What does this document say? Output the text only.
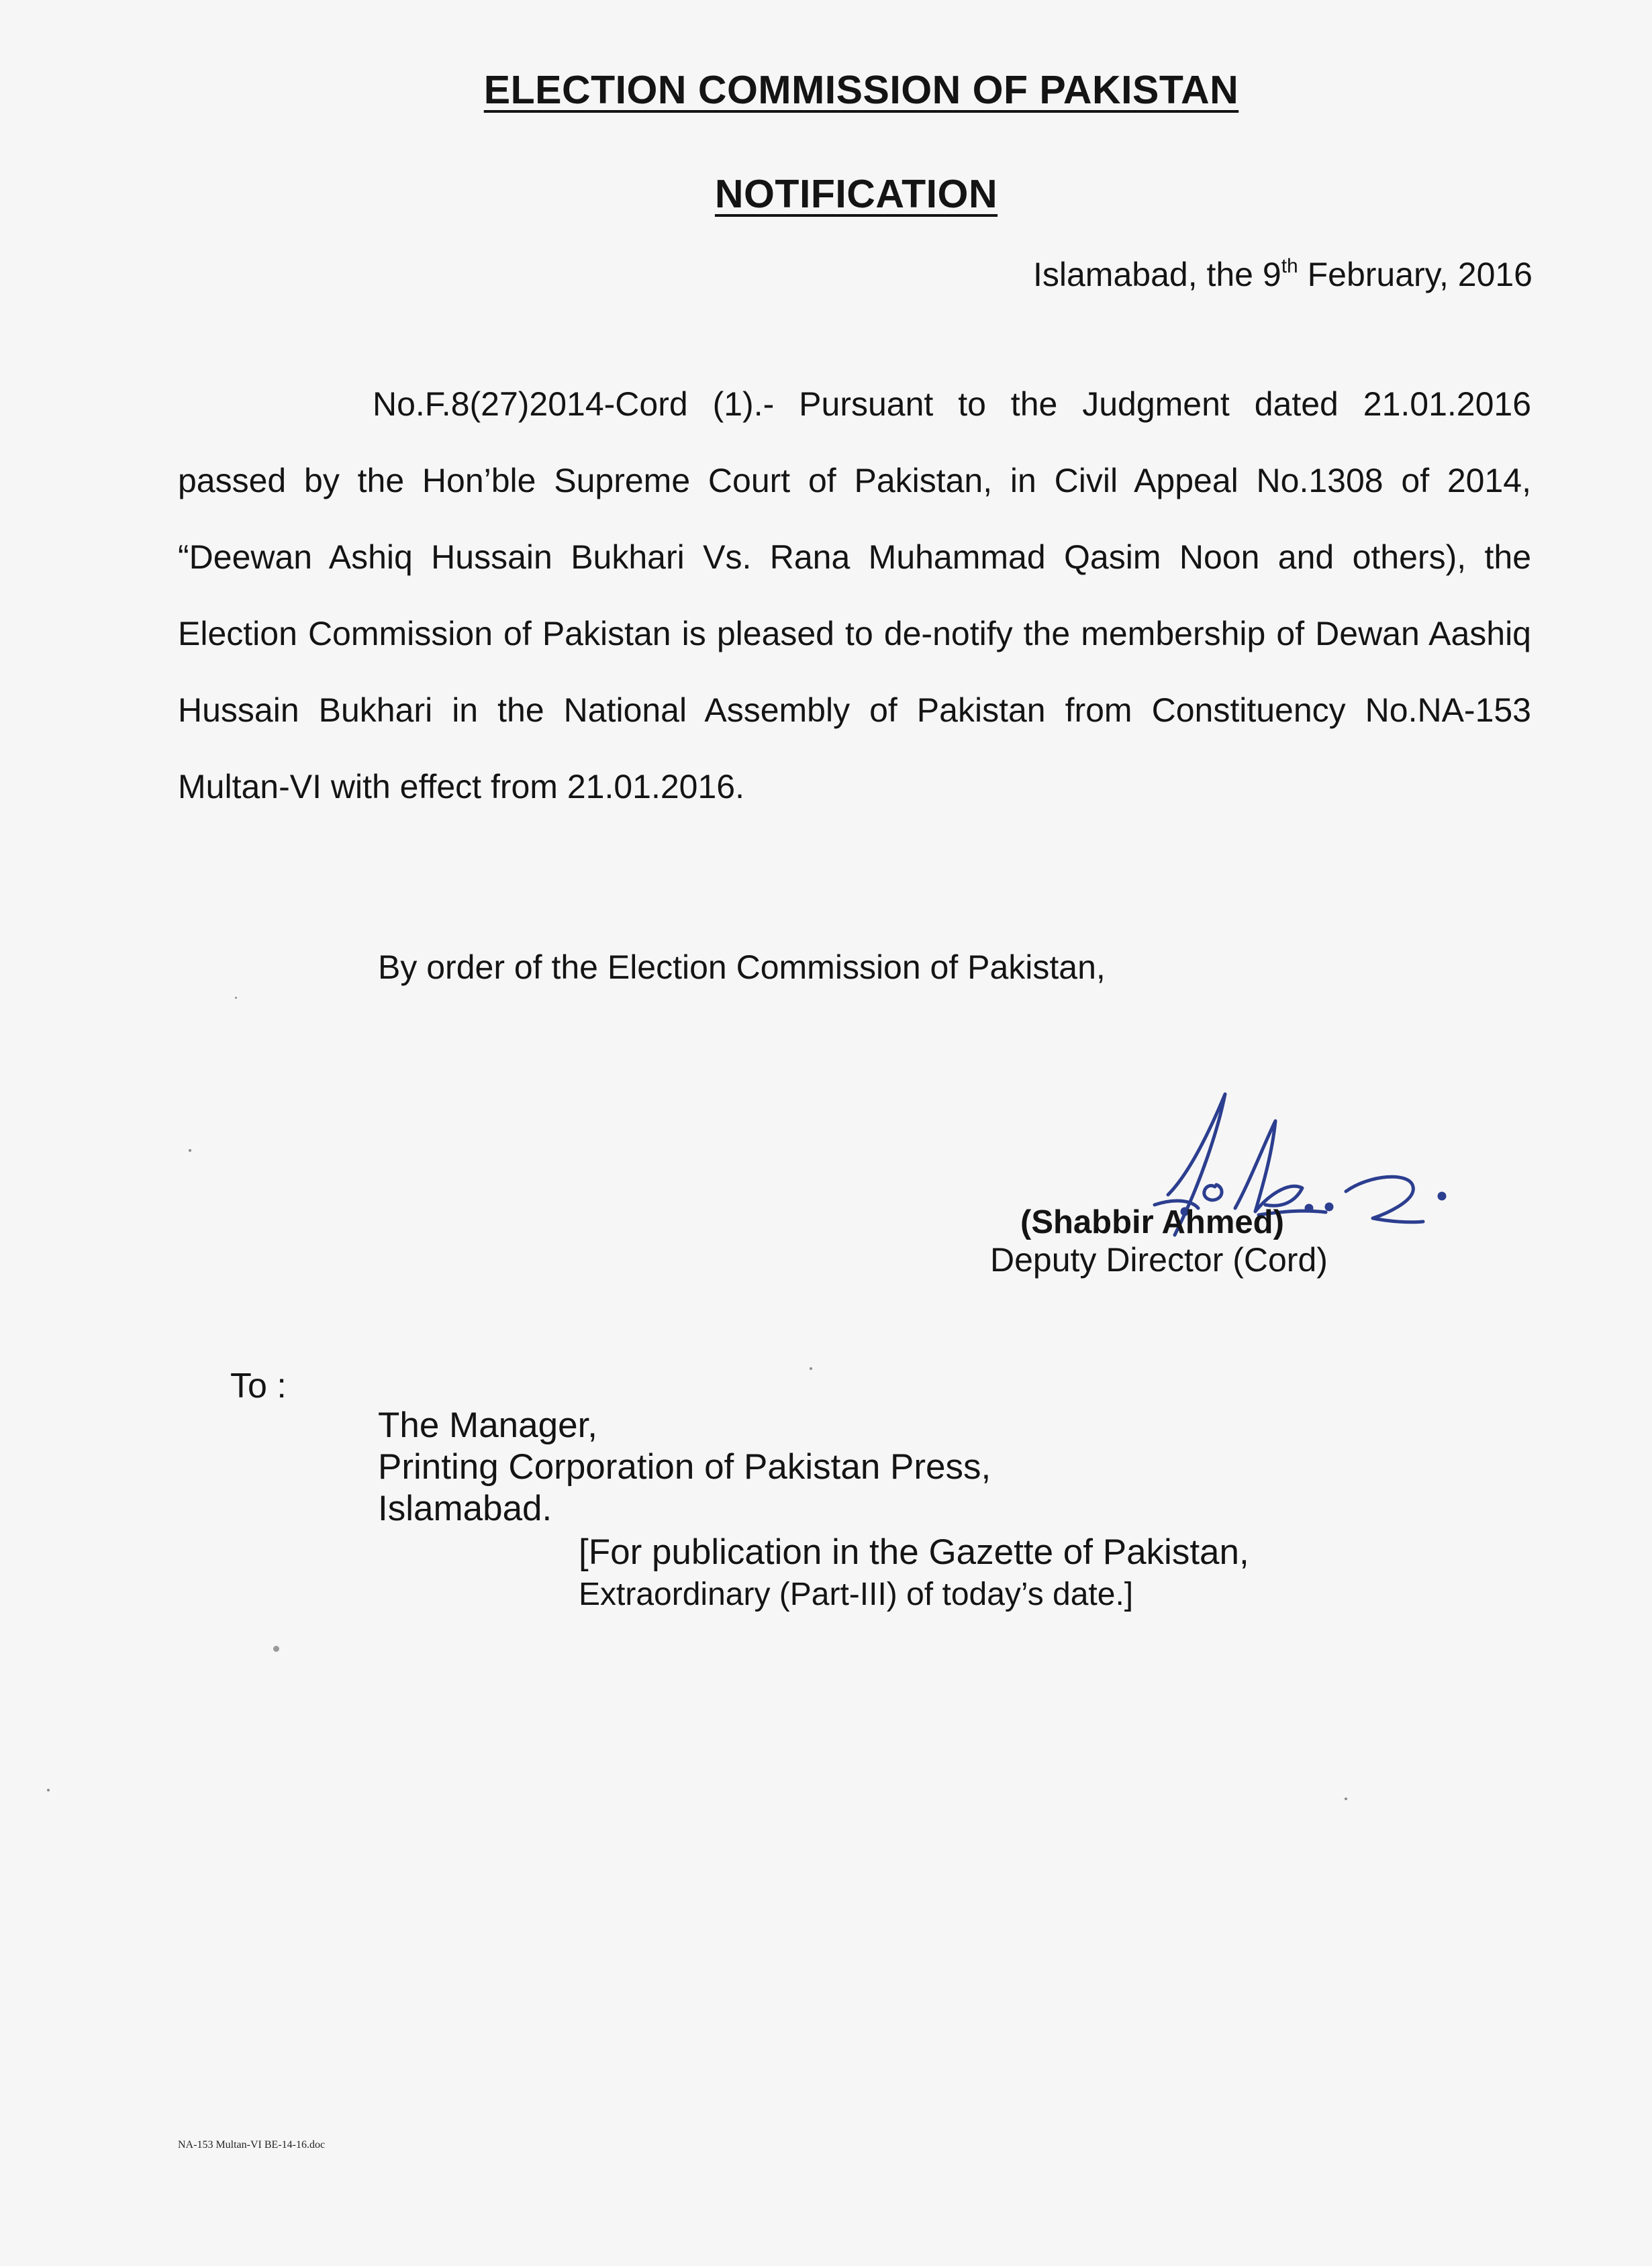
ELECTION COMMISSION OF PAKISTAN
NOTIFICATION
Islamabad, the 9th February, 2016
No.F.8(27)2014-Cord (1).- Pursuant to the Judgment dated 21.01.2016
passed by the Hon’ble Supreme Court of Pakistan, in Civil Appeal No.1308 of 2014,
“Deewan Ashiq Hussain Bukhari Vs. Rana Muhammad Qasim Noon and others), the
Election Commission of Pakistan is pleased to de-notify the membership of Dewan Aashiq
Hussain Bukhari in the National Assembly of Pakistan from Constituency No.NA-153
Multan-VI with effect from 21.01.2016.
By order of the Election Commission of Pakistan,
(Shabbir Ahmed)
Deputy Director (Cord)
To :
The Manager,
Printing Corporation of Pakistan Press,
Islamabad.
[For publication in the Gazette of Pakistan,
Extraordinary (Part-III) of today’s date.]
NA-153 Multan-VI BE-14-16.doc
